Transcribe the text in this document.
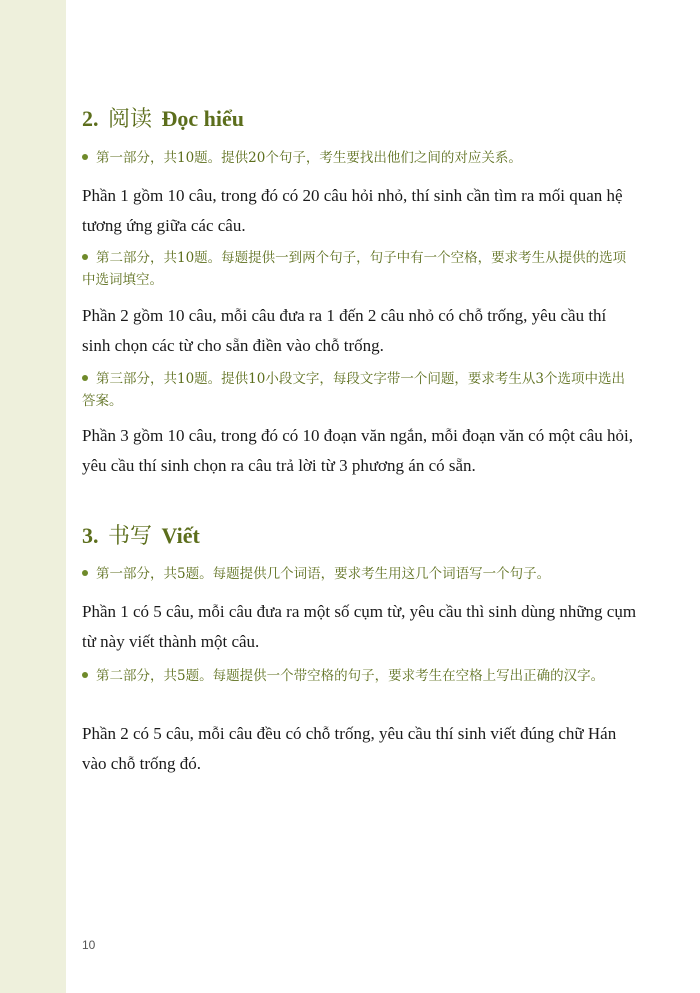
2. 阅读 Đọc hiểu
第一部分，共10题。提供20个句子，考生要找出他们之间的对应关系。
Phần 1 gồm 10 câu, trong đó có 20 câu hỏi nhỏ, thí sinh cần tìm ra mối quan hệ tương ứng giữa các câu.
第二部分，共10题。每题提供一到两个句子，句子中有一个空格，要求考生从提供的选项中选词填空。
Phần 2 gồm 10 câu, mỗi câu đưa ra 1 đến 2 câu nhỏ có chỗ trống, yêu cầu thí sinh chọn các từ cho sẵn điền vào chỗ trống.
第三部分，共10题。提供10小段文字，每段文字带一个问题，要求考生从3个选项中选出答案。
Phần 3 gồm 10 câu, trong đó có 10 đoạn văn ngắn, mỗi đoạn văn có một câu hỏi, yêu cầu thí sinh chọn ra câu trả lời từ 3 phương án có sẵn.
3. 书写 Viết
第一部分，共5题。每题提供几个词语，要求考生用这几个词语写一个句子。
Phần 1 có 5 câu, mỗi câu đưa ra một số cụm từ, yêu cầu thì sinh dùng những cụm từ này viết thành một câu.
第二部分，共5题。每题提供一个带空格的句子，要求考生在空格上写出正确的汉字。
Phần 2 có 5 câu, mỗi câu đều có chỗ trống, yêu cầu thí sinh viết đúng chữ Hán vào chỗ trống đó.
10
